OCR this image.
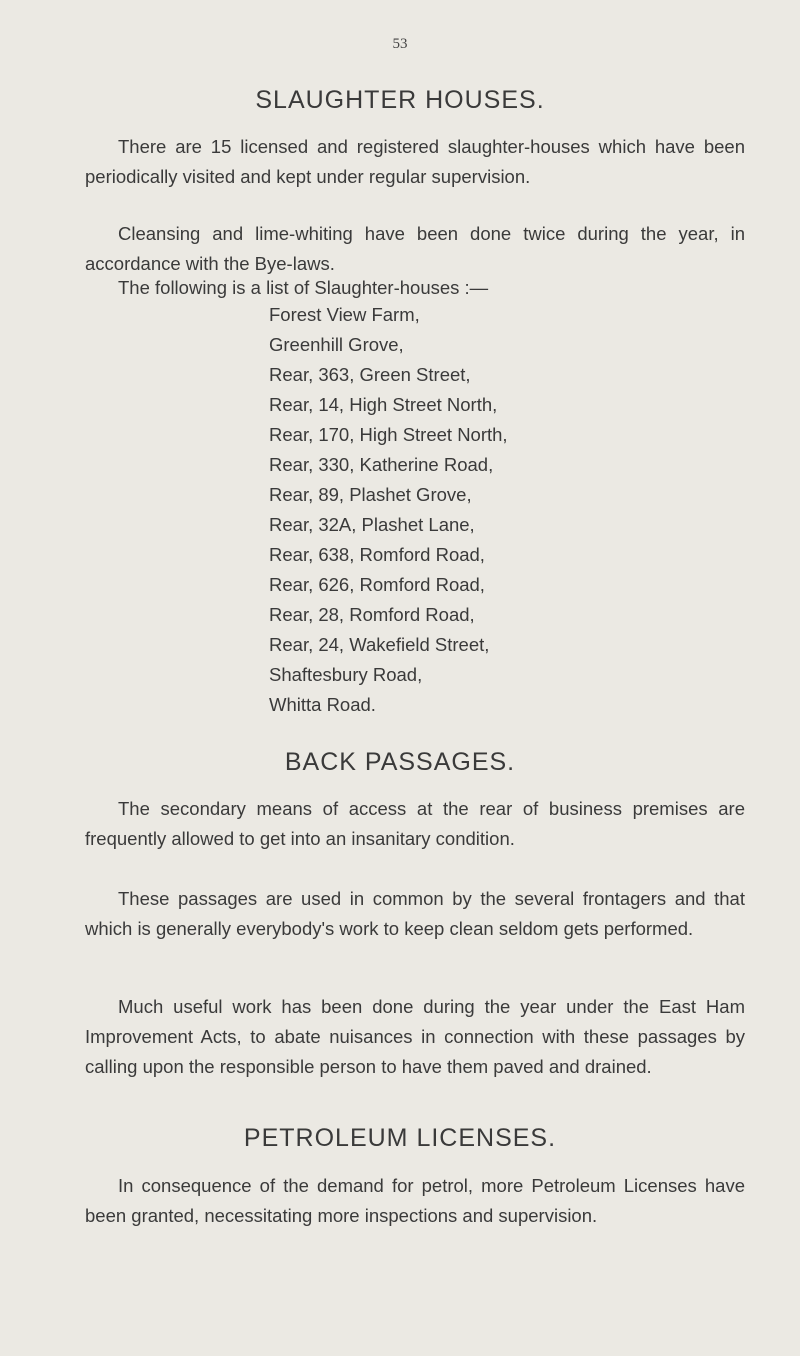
53
SLAUGHTER HOUSES.

There are 15 licensed and registered slaughter-houses which have been periodically visited and kept under regular supervision.

Cleansing and lime-whiting have been done twice during the year, in accordance with the Bye-laws.

The following is a list of Slaughter-houses :—

Forest View Farm,
Greenhill Grove,
Rear, 363, Green Street,
Rear, 14, High Street North,
Rear, 170, High Street North,
Rear, 330, Katherine Road,
Rear, 89, Plashet Grove,
Rear, 32A, Plashet Lane,
Rear, 638, Romford Road,
Rear, 626, Romford Road,
Rear, 28, Romford Road,
Rear, 24, Wakefield Street,
Shaftesbury Road,
Whitta Road.
BACK PASSAGES.

The secondary means of access at the rear of business premises are frequently allowed to get into an insanitary condition.

These passages are used in common by the several frontagers and that which is generally everybody's work to keep clean seldom gets performed.

Much useful work has been done during the year under the East Ham Improvement Acts, to abate nuisances in connection with these passages by calling upon the responsible person to have them paved and drained.

PETROLEUM LICENSES.

In consequence of the demand for petrol, more Petroleum Licenses have been granted, necessitating more inspections and supervision.
